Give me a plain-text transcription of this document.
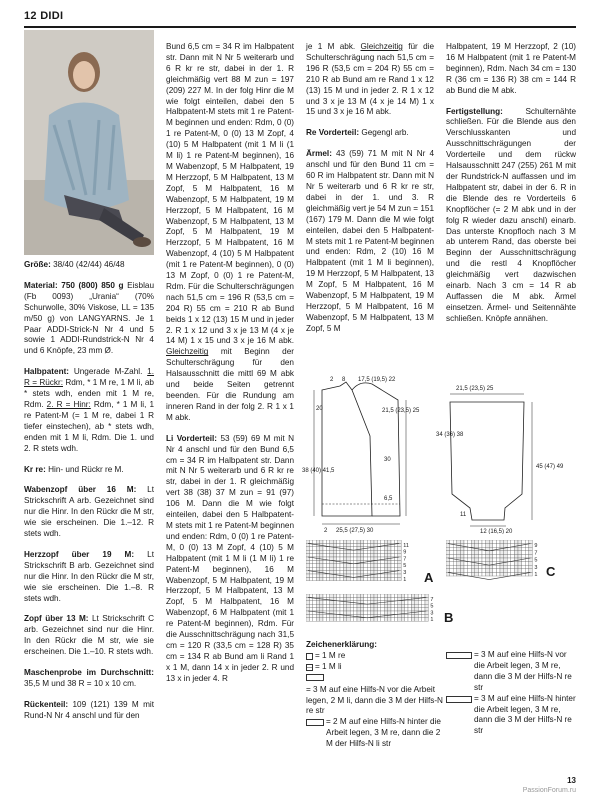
12 DIDI

Größe: 38/40 (42/44) 46/48

Material: 750 (800) 850 g Eisblau (Fb 0093) „Urania“ (70% Schurwolle, 30% Viskose, LL = 135 m/50 g) von LANGYARNS. Je 1 Paar ADDI-Strick-N Nr 4 und 5 sowie 1 ADDI-Rundstrick-N Nr 4 und 6 Knöpfe, 23 mm Ø.

Halbpatent: Ungerade M-Zahl. 1. R = Rückr: Rdm, * 1 M re, 1 M li, ab * stets wdh, enden mit 1 M re, Rdm. 2. R = Hinr: Rdm, * 1 M li, 1 re Patent-M (= 1 M re, dabei 1 R tiefer einstechen), ab * stets wdh, enden mit 1 M li, Rdm. Die 1. und 2. R stets wdh.

Kr re: Hin- und Rückr re M.

Wabenzopf über 16 M: Lt Strickschrift A arb. Gezeichnet sind nur die Hinr. In den Rückr die M str, wie sie erscheinen. Die 1.–12. R stets wdh.

Herzzopf über 19 M: Lt Strickschrift B arb. Gezeichnet sind nur die Hinr. In den Rückr die M str, wie sie erscheinen. Die 1.–8. R stets wdh.

Zopf über 13 M: Lt Strickschrift C arb. Gezeichnet sind nur die Hinr. In den Rückr die M str, wie sie erscheinen. Die 1.–10. R stets wdh.

Maschenprobe im Durchschnitt: 35,5 M und 38 R = 10 x 10 cm.

Rückenteil: 109 (121) 139 M mit Rund-N Nr 4 anschl und für den

Bund 6,5 cm = 34 R im Halbpatent str. Dann mit N Nr 5 weiterarb und 6 R kr re str, dabei in der 1. R gleichmäßig vert 88 M zun = 197 (209) 227 M. In der folg Hinr die M wie folgt einteilen, dabei den 5 Halbpatent-M stets mit 1 re Patent-M beginnen und enden: Rdm, 0 (0) 1 re Patent-M, 0 (0) 13 M Zopf, 4 (10) 5 M Halbpatent (mit 1 M li (1 M li) 1 re Patent-M beginnen), 16 M Wabenzopf, 5 M Halbpatent, 19 M Herzzopf, 5 M Halbpatent, 13 M Zopf, 5 M Halbpatent, 16 M Wabenzopf, 5 M Halbpatent, 19 M Herzzopf, 5 M Halbpatent, 16 M Wabenzopf, 5 M Halbpatent, 13 M Zopf, 5 M Halbpatent, 19 M Herzzopf, 5 M Halbpatent, 16 M Wabenzopf, 4 (10) 5 M Halbpatent (mit 1 re Patent-M beginnen), 0 (0) 13 M Zopf, 0 (0) 1 re Patent-M, Rdm. Für die Schulterschrägungen nach 51,5 cm = 196 R (53,5 cm = 204 R) 55 cm = 210 R ab Bund beids 1 x 12 (13) 15 M und in jeder 2. R 1 x 12 und 3 x je 13 M (4 x je 14 M) 1 x 15 und 3 x je 16 M abk. Gleichzeitig mit Beginn der Schulterschrägung für den Halsausschnitt die mittl 69 M abk und beide Seiten getrennt beenden. Für die Rundung am inneren Rand in der folg 2. R 1 x 1 M abk.

Li Vorderteil: 53 (59) 69 M mit N Nr 4 anschl und für den Bund 6,5 cm = 34 R im Halbpatent str. Dann mit N Nr 5 weiterarb und 6 R kr re str, dabei in der 1. R gleichmäßig vert 38 (38) 37 M zun = 91 (97) 106 M. Dann die M wie folgt einteilen, dabei den 5 Halbpatent-M stets mit 1 re Patent-M beginnen und enden: Rdm, 0 (0) 1 re Patent-M, 0 (0) 13 M Zopf, 4 (10) 5 M Halbpatent (mit 1 M li (1 M li) 1 re Patent-M beginnen), 16 M Wabenzopf, 5 M Halbpatent, 19 M Herzzopf, 5 M Halbpatent, 13 M Zopf, 5 M Halbpatent, 16 M Wabenzopf, 6 M Halbpatent (mit 1 re Patent-M beginnen), Rdm. Für die Ausschnittschrägung nach 31,5 cm = 120 R (33,5 cm = 128 R) 35 cm = 134 R ab Bund am li Rand 1 x 1 M, dann 14 x in jeder 2. R und 13 x in jeder 4. R

je 1 M abk. Gleichzeitig für die Schulterschrägung nach 51,5 cm = 196 R (53,5 cm = 204 R) 55 cm = 210 R ab Bund am re Rand 1 x 12 (13) 15 M und in jeder 2. R 1 x 12 und 3 x je 13 M (4 x je 14 M) 1 x 15 und 3 x je 16 M abk.

Re Vorderteil: Gegengl arb.

Ärmel: 43 (59) 71 M mit N Nr 4 anschl und für den Bund 11 cm = 60 R im Halbpatent str. Dann mit N Nr 5 weiterarb und 6 R kr re str, dabei in der 1. und 3. R gleichmäßig vert je 54 M zun = 151 (167) 179 M. Dann die M wie folgt einteilen, dabei den 5 Halbpatent-M stets mit 1 re Patent-M beginnen und enden: Rdm, 2 (10) 16 M Halbpatent (mit 1 M li beginnen), 19 M Herzzopf, 5 M Halbpatent, 13 M Zopf, 5 M Halbpatent, 16 M Wabenzopf, 5 M Halbpatent, 19 M Herzzopf, 5 M Halbpatent, 16 M Wabenzopf, 5 M Halbpatent, 13 M Zopf, 5 M

Halbpatent, 19 M Herzzopf, 2 (10) 16 M Halbpatent (mit 1 re Patent-M beginnen), Rdm. Nach 34 cm = 130 R (36 cm = 136 R) 38 cm = 144 R ab Bund die M abk.

Fertigstellung:	Schulternähte schließen. Für die Blende aus den Verschlusskanten und Ausschnittschrägungen der Vorderteile und dem rückw Halsausschnitt 247 (255) 261 M mit der Rundstrick-N auffassen und im Halbpatent str, dabei in der 6. R in die Blende des re Vorderteils 6 Knopflöcher (= 2 M abk und in der folg R wieder dazu anschl) einarb. Das unterste Knopfloch nach 3 M ab unterem Rand, das oberste bei Beginn der Ausschnittschrägung und die restl 4 Knopflöcher gleichmäßig vert dazwischen einarb. Nach 3 cm = 14 R ab Auffassen die M abk. Ärmel einsetzen. Ärmel- und Seitennähte schließen. Knöpfe annähen.

2 8 17,5 (19,5) 22
20	21,5 (23,5) 25
30
38 (40) 41,5
6,5
2 25,5 (27,5) 30
21,5 (23,5) 25
34 (36) 38
45 (47) 49
11
12 (16,5) 20
11
9
7
5
3
1 A
7
5
3
1 B
9
7
5
3
1 C
Zeichenerklärung:
= 1 M re
= 1 M li
= 3 M auf eine Hilfs-N vor die Arbeit legen, 2 M li, dann die 3 M der Hilfs-N re str
= 2 M auf eine Hilfs-N hinter die Arbeit legen, 3 M re, dann die 2 M der Hilfs-N li str
= 3 M auf eine Hilfs-N vor die Arbeit legen, 3 M re, dann die 3 M der Hilfs-N re str
= 3 M auf eine Hilfs-N hinter die Arbeit legen, 3 M re, dann die 3 M der Hilfs-N re str
13
PassionForum.ru
